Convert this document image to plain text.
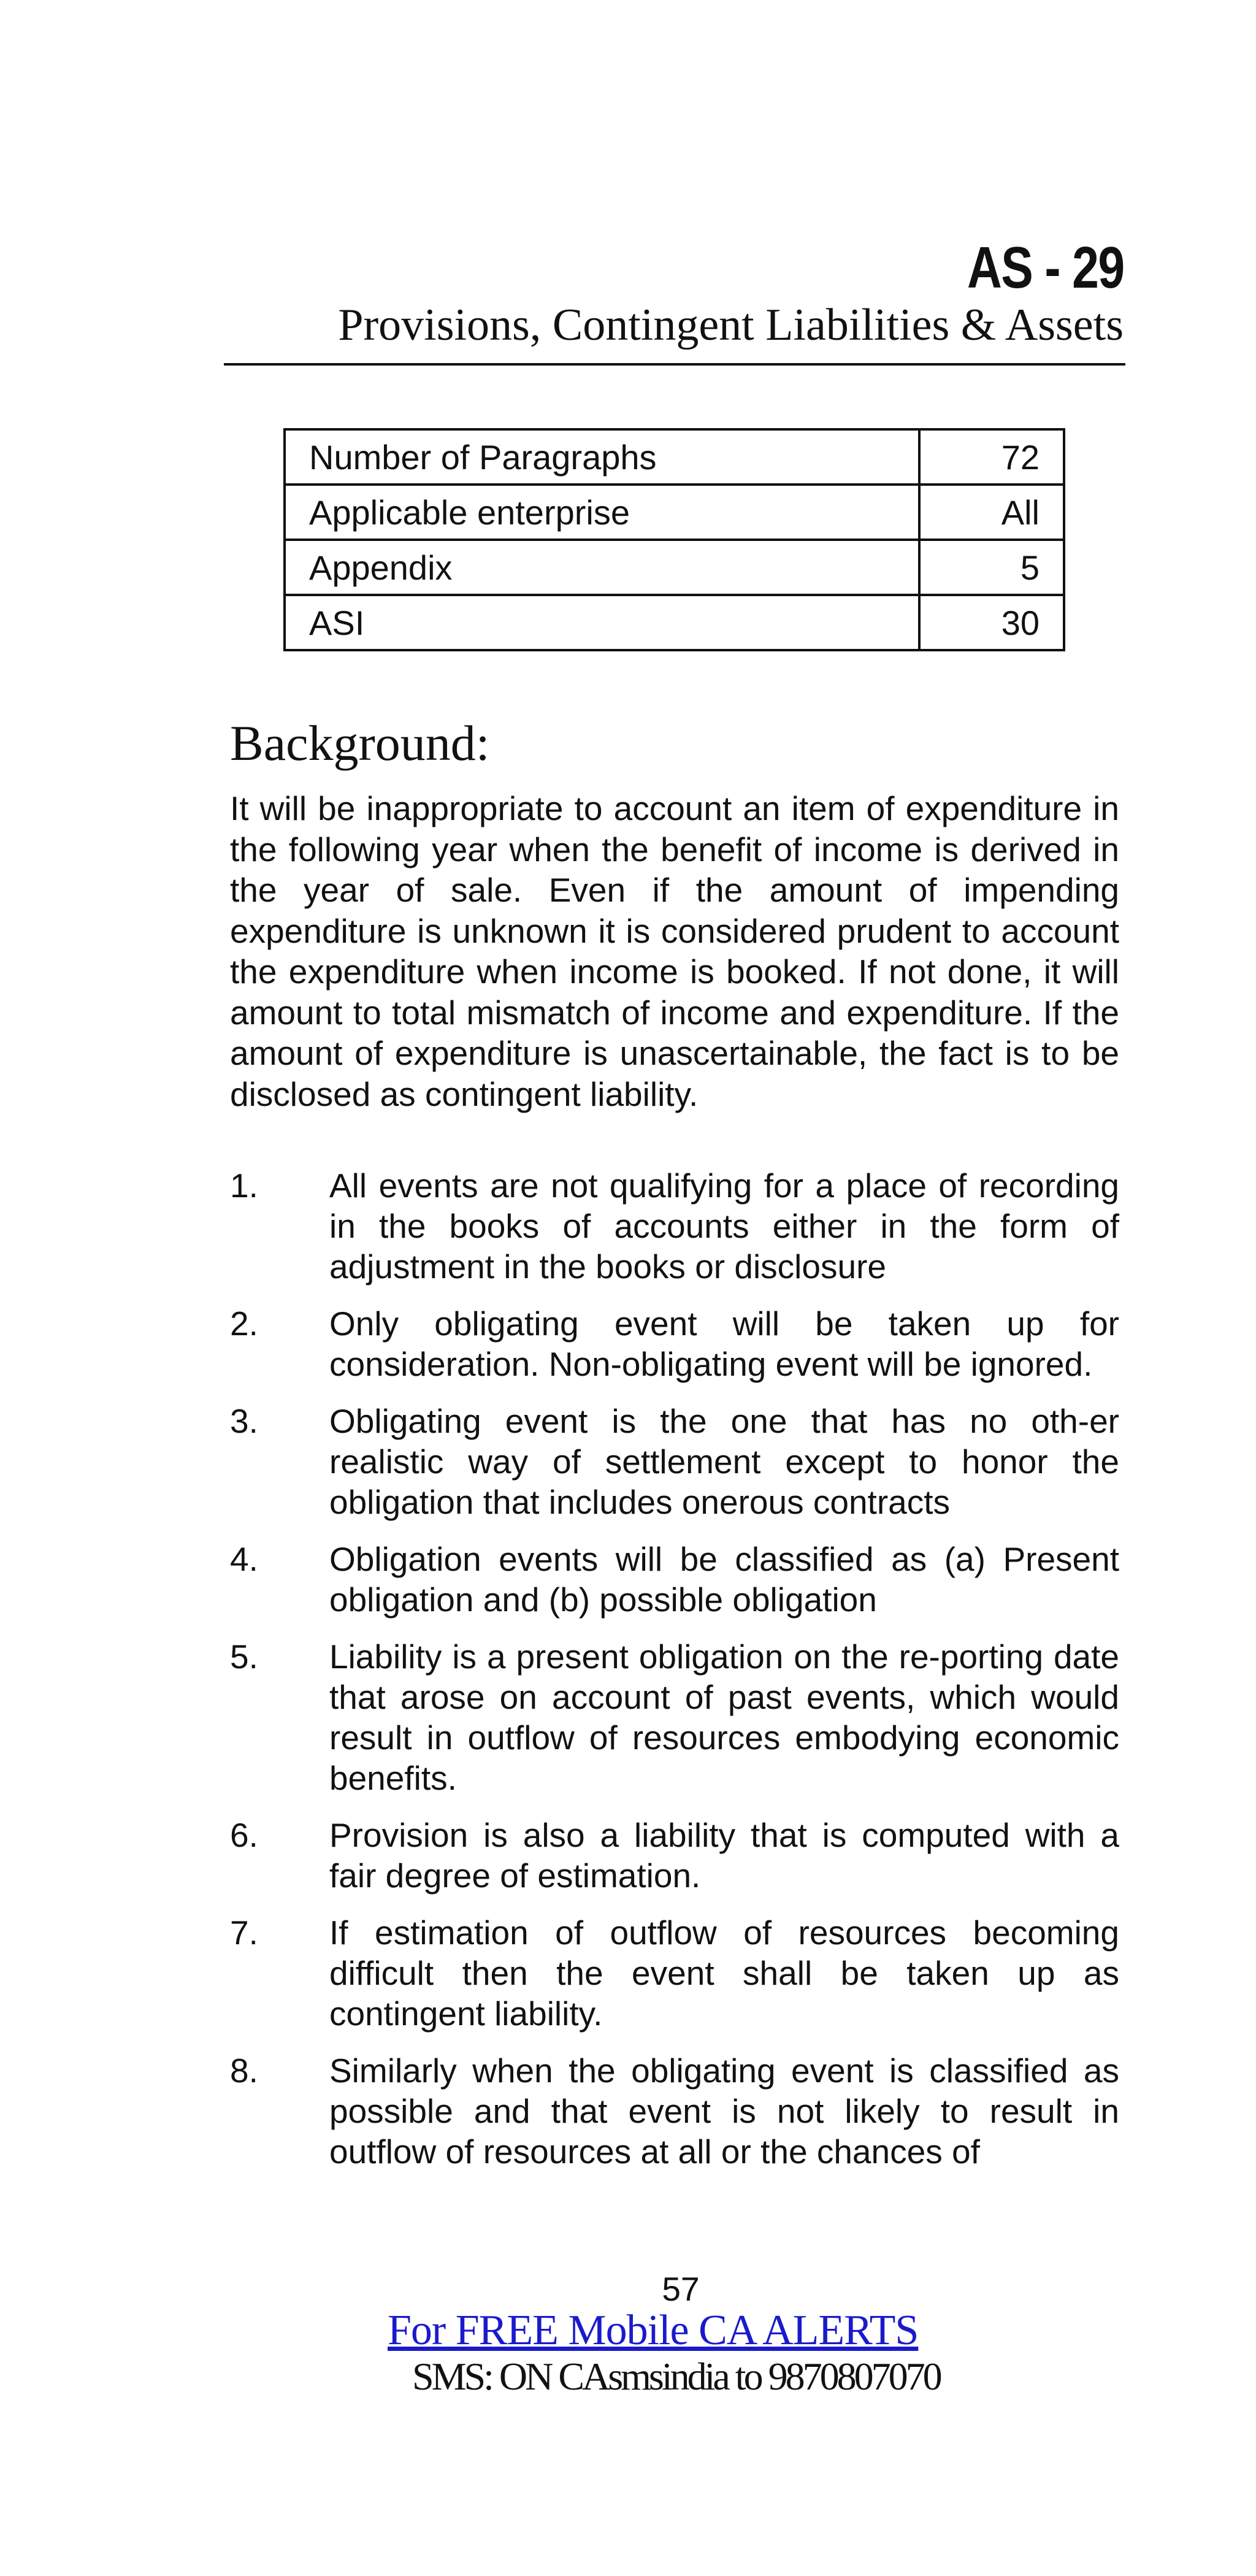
AS - 29
Provisions, Contingent Liabilities & Assets
Number of Paragraphs	72
Applicable enterprise	All
Appendix	5
ASI	30
Background:

It will be inappropriate to account an item of expenditure in the following year when the benefit of income is derived in the year of sale. Even if the amount of impending expenditure is unknown it is considered prudent to account the expenditure when income is booked. If not done, it will amount to total mismatch of income and expenditure. If the amount of expenditure is unascertainable, the fact is to be disclosed as contingent liability.

1. All events are not qualifying for a place of recording in the books of accounts either in the form of adjustment in the books or disclosure
2. Only obligating event will be taken up for consideration. Non-obligating event will be ignored.
3. Obligating event is the one that has no oth-er realistic way of settlement except to honor the obligation that includes onerous contracts
4. Obligation events will be classified as (a) Present obligation and (b) possible obligation
5. Liability is a present obligation on the re-porting date that arose on account of past events, which would result in outflow of resources embodying economic benefits.
6. Provision is also a liability that is computed with a fair degree of estimation.
7. If estimation of outflow of resources becoming difficult then the event shall be taken up as contingent liability.
8. Similarly when the obligating event is classified as possible and that event is not likely to result in outflow of resources at all or the chances of
57
For FREE Mobile CA ALERTS
SMS: ON CAsmsindia to 9870807070
